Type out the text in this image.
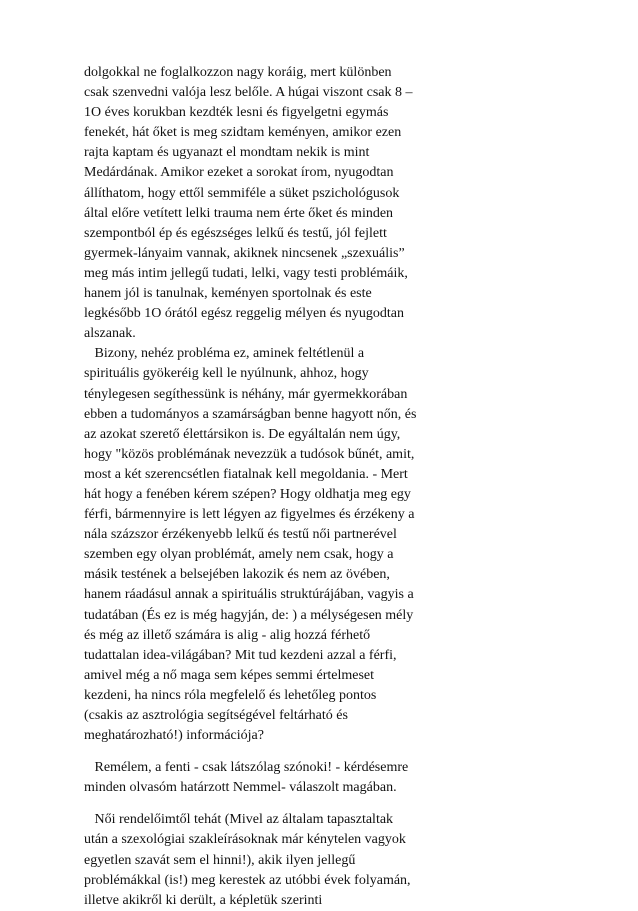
dolgokkal ne foglalkozzon nagy koráig, mert különben
csak szenvedni valója lesz belőle. A húgai viszont csak 8 –
1O éves korukban kezdték lesni és figyelgetni egymás
fenekét, hát őket is meg szidtam keményen, amikor ezen
rajta kaptam és ugyanazt el mondtam nekik is mint
Medárdának. Amikor ezeket a sorokat írom, nyugodtan
állíthatom, hogy ettől semmiféle a süket pszichológusok
által előre vetített lelki trauma nem érte őket és minden
szempontból ép és egészséges lelkű és testű, jól fejlett
gyermek-lányaim vannak, akiknek nincsenek „szexuális”
meg más intim jellegű tudati, lelki, vagy testi problémáik,
hanem jól is tanulnak, keményen sportolnak és este
legkésőbb 1O órától egész reggelig mélyen és nyugodtan
alszanak.
Bizony, nehéz probléma ez, aminek feltétlenül a
spirituális gyökeréig kell le nyúlnunk, ahhoz, hogy
ténylegesen segíthessünk is néhány, már gyermekkorában
ebben a tudományos a szamárságban benne hagyott nőn, és
az azokat szerető élettársikon is. De egyáltalán nem úgy,
hogy "közös problémának nevezzük a tudósok bűnét, amit,
most a két szerencsétlen fiatalnak kell megoldania. - Mert
hát hogy a fenében kérem szépen? Hogy oldhatja meg egy
férfi, bármennyire is lett légyen az figyelmes és érzékeny a
nála százszor érzékenyebb lelkű és testű női partnerével
szemben egy olyan problémát, amely nem csak, hogy a
másik testének a belsejében lakozik és nem az övében,
hanem ráadásul annak a spirituális struktúrájában, vagyis a
tudatában (És ez is még hagyján, de: ) a mélységesen mély
és még az illető számára is alig - alig hozzá férhető
tudattalan idea-világában? Mit tud kezdeni azzal a férfi,
amivel még a nő maga sem képes semmi értelmeset
kezdeni, ha nincs róla megfelelő és lehetőleg pontos
(csakis az asztrológia segítségével feltárható és
meghatározható!) információja?
Remélem, a fenti - csak látszólag szónoki! - kérdésemre
minden olvasóm határzott Nemmel- válaszolt magában.
Női rendelőimtől tehát (Mivel az általam tapasztaltak
után a szexológiai szakleírásoknak már kénytelen vagyok
egyetlen szavát sem el hinni!), akik ilyen jellegű
problémákkal (is!) meg kerestek az utóbbi évek folyamán,
illetve akikről ki derült, a képletük szerinti
